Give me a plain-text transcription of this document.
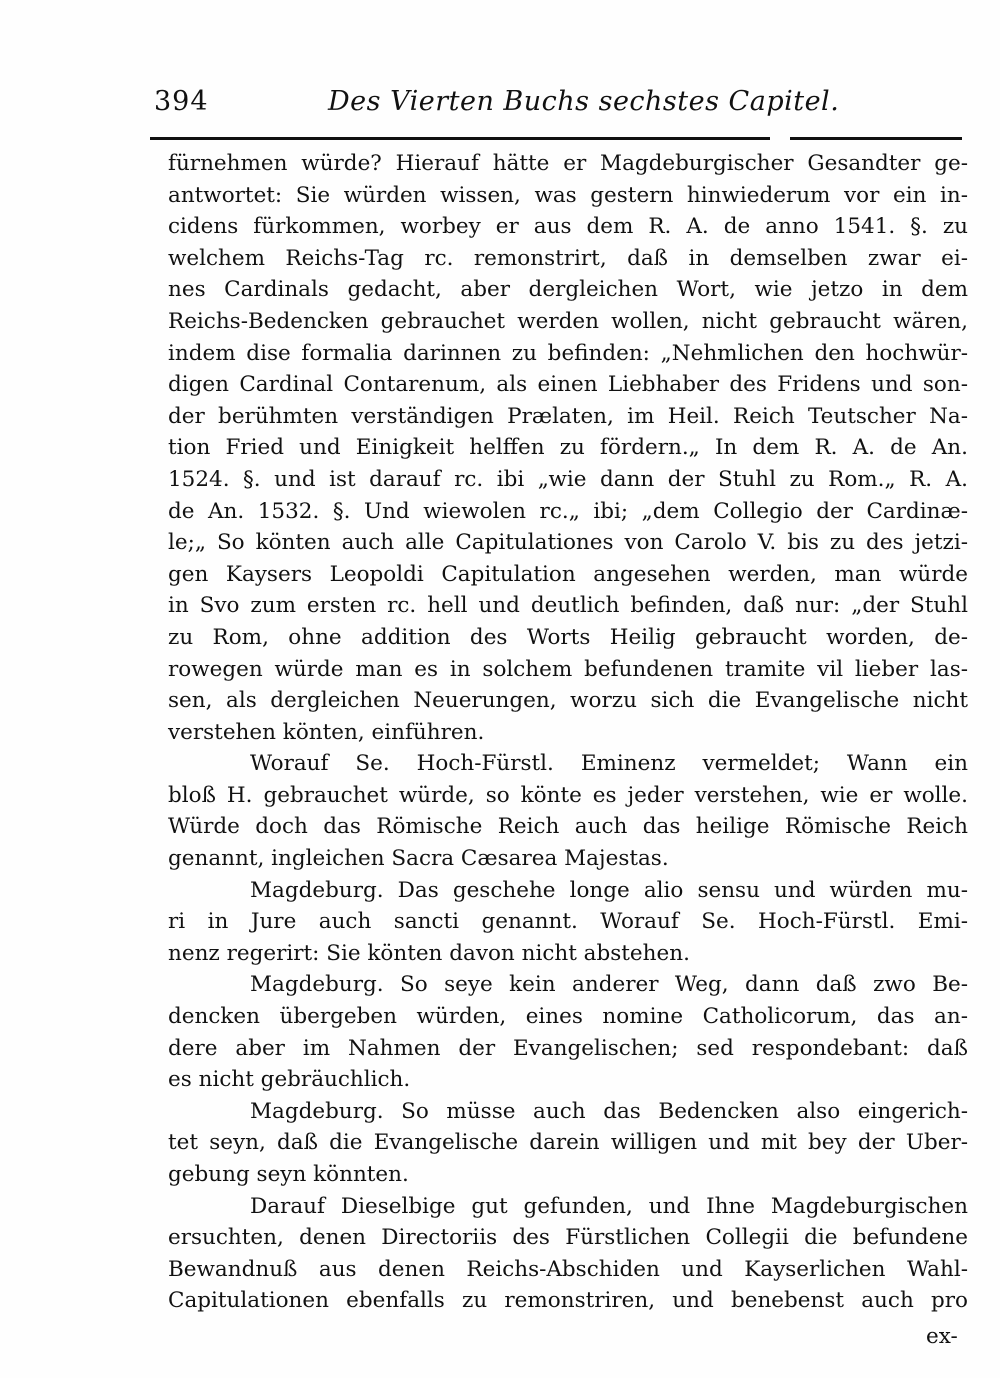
394	Des Vierten Buchs sechstes Capitel.
fürnehmen würde? Hierauf hätte er Magdeburgischer Gesandter ge-
antwortet: Sie würden wissen, was gestern hinwiederum vor ein in-
cidens fürkommen, worbey er aus dem R. A. de anno 1541. §. zu
welchem Reichs-Tag rc. remonstrirt, daß in demselben zwar ei-
nes Cardinals gedacht, aber dergleichen Wort, wie jetzo in dem
Reichs-Bedencken gebrauchet werden wollen, nicht gebraucht wären,
indem dise formalia darinnen zu befinden: „Nehmlichen den hochwür-
digen Cardinal Contarenum, als einen Liebhaber des Fridens und son-
der berühmten verständigen Prælaten, im Heil. Reich Teutscher Na-
tion Fried und Einigkeit helffen zu fördern.„ In dem R. A. de An.
1524. §. und ist darauf rc. ibi „wie dann der Stuhl zu Rom.„ R. A.
de An. 1532. §. Und wiewolen rc.„ ibi; „dem Collegio der Cardinæ-
le;„ So könten auch alle Capitulationes von Carolo V. bis zu des jetzi-
gen Kaysers Leopoldi Capitulation angesehen werden, man würde
in Svo zum ersten rc. hell und deutlich befinden, daß nur: „der Stuhl
zu Rom, ohne addition des Worts Heilig gebraucht worden, de-
rowegen würde man es in solchem befundenen tramite vil lieber las-
sen, als dergleichen Neuerungen, worzu sich die Evangelische nicht
verstehen könten, einführen.
Worauf Se. Hoch-Fürstl. Eminenz vermeldet; Wann ein
bloß H. gebrauchet würde, so könte es jeder verstehen, wie er wolle.
Würde doch das Römische Reich auch das heilige Römische Reich
genannt, ingleichen Sacra Cæsarea Majestas.
Magdeburg. Das geschehe longe alio sensu und würden mu-
ri in Jure auch sancti genannt. Worauf Se. Hoch-Fürstl. Emi-
nenz regerirt: Sie könten davon nicht abstehen.
Magdeburg. So seye kein anderer Weg, dann daß zwo Be-
dencken übergeben würden, eines nomine Catholicorum, das an-
dere aber im Nahmen der Evangelischen; sed respondebant: daß
es nicht gebräuchlich.
Magdeburg. So müsse auch das Bedencken also eingerich-
tet seyn, daß die Evangelische darein willigen und mit bey der Uber-
gebung seyn könnten.
Darauf Dieselbige gut gefunden, und Ihne Magdeburgischen
ersuchten, denen Directoriis des Fürstlichen Collegii die befundene
Bewandnuß aus denen Reichs-Abschiden und Kayserlichen Wahl-
Capitulationen ebenfalls zu remonstriren, und benebenst auch pro
ex-
